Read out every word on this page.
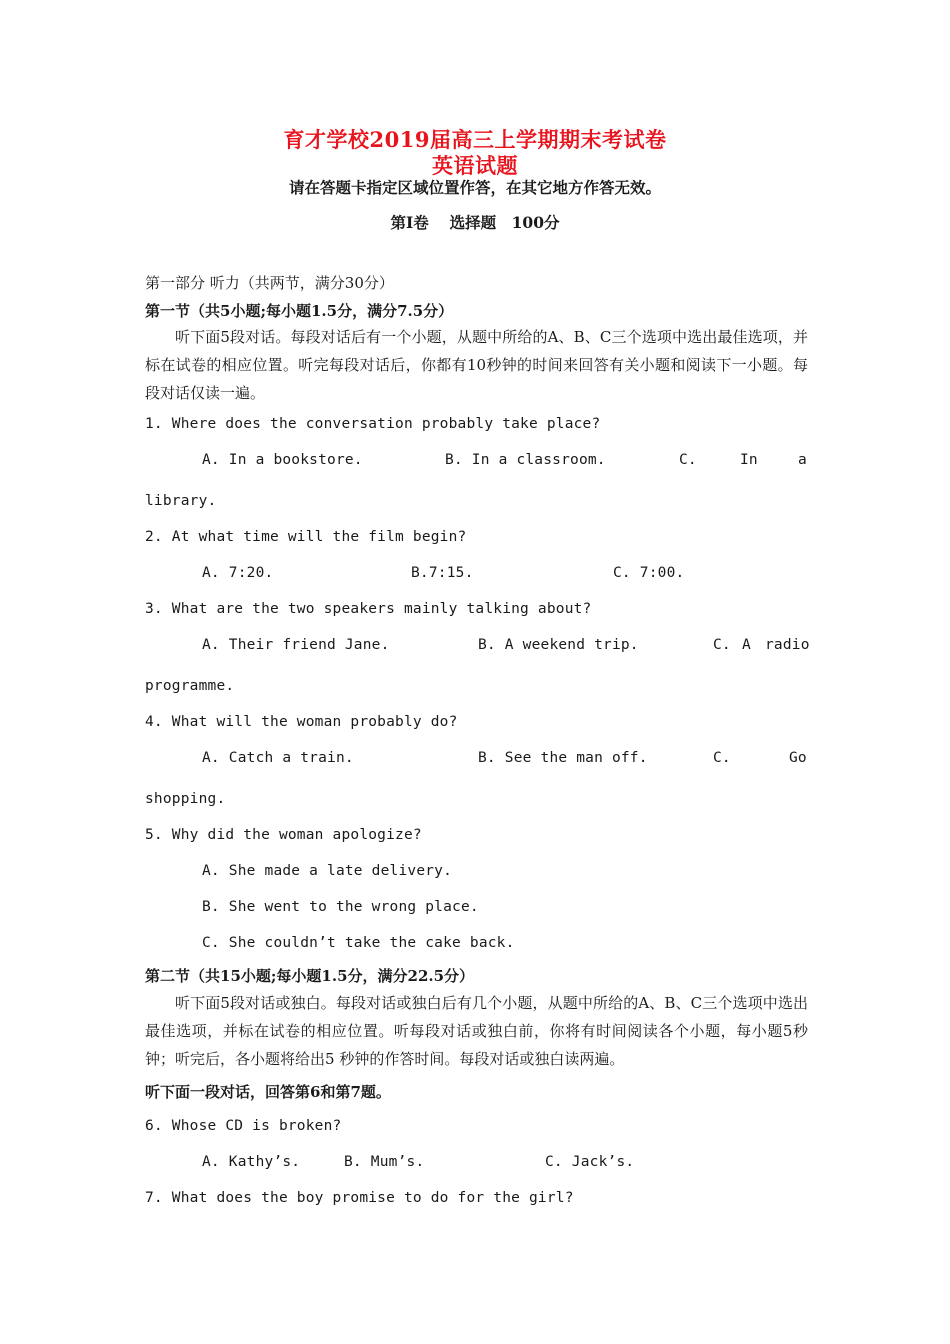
育才学校2019届高三上学期期末考试卷
英语试题
请在答题卡指定区域位置作答，在其它地方作答无效。
第Ⅰ卷　 选择题　100分
第一部分 听力（共两节，满分30分）
第一节（共5小题;每小题1.5分，满分7.5分）
听下面5段对话。每段对话后有一个小题，从题中所给的A、B、C三个选项中选出最佳选项，并标在试卷的相应位置。听完每段对话后，你都有10秒钟的时间来回答有关小题和阅读下一小题。每段对话仅读一遍。
1. Where does the conversation probably take place?
A. In a bookstore.	B. In a classroom.	C.	In	a
library.
2. At what time will the film begin?
A. 7:20.	B.7:15.	C. 7:00.
3. What are the two speakers mainly talking about?
A. Their friend Jane.	B. A weekend trip.	C. A radio
programme.
4. What will the woman probably do?
A. Catch a train.	B. See the man off.	C.	Go
shopping.
5. Why did the woman apologize?
A. She made a late delivery.
B. She went to the wrong place.
C. She couldn’t take the cake back.
第二节（共15小题;每小题1.5分，满分22.5分）
听下面5段对话或独白。每段对话或独白后有几个小题，从题中所给的A、B、C三个选项中选出最佳选项，并标在试卷的相应位置。听每段对话或独白前，你将有时间阅读各个小题，每小题5秒钟；听完后，各小题将给出5 秒钟的作答时间。每段对话或独白读两遍。
听下面一段对话，回答第6和第7题。
6. Whose CD is broken?
A. Kathy’s.	B. Mum’s.	C. Jack’s.
7. What does the boy promise to do for the girl?
